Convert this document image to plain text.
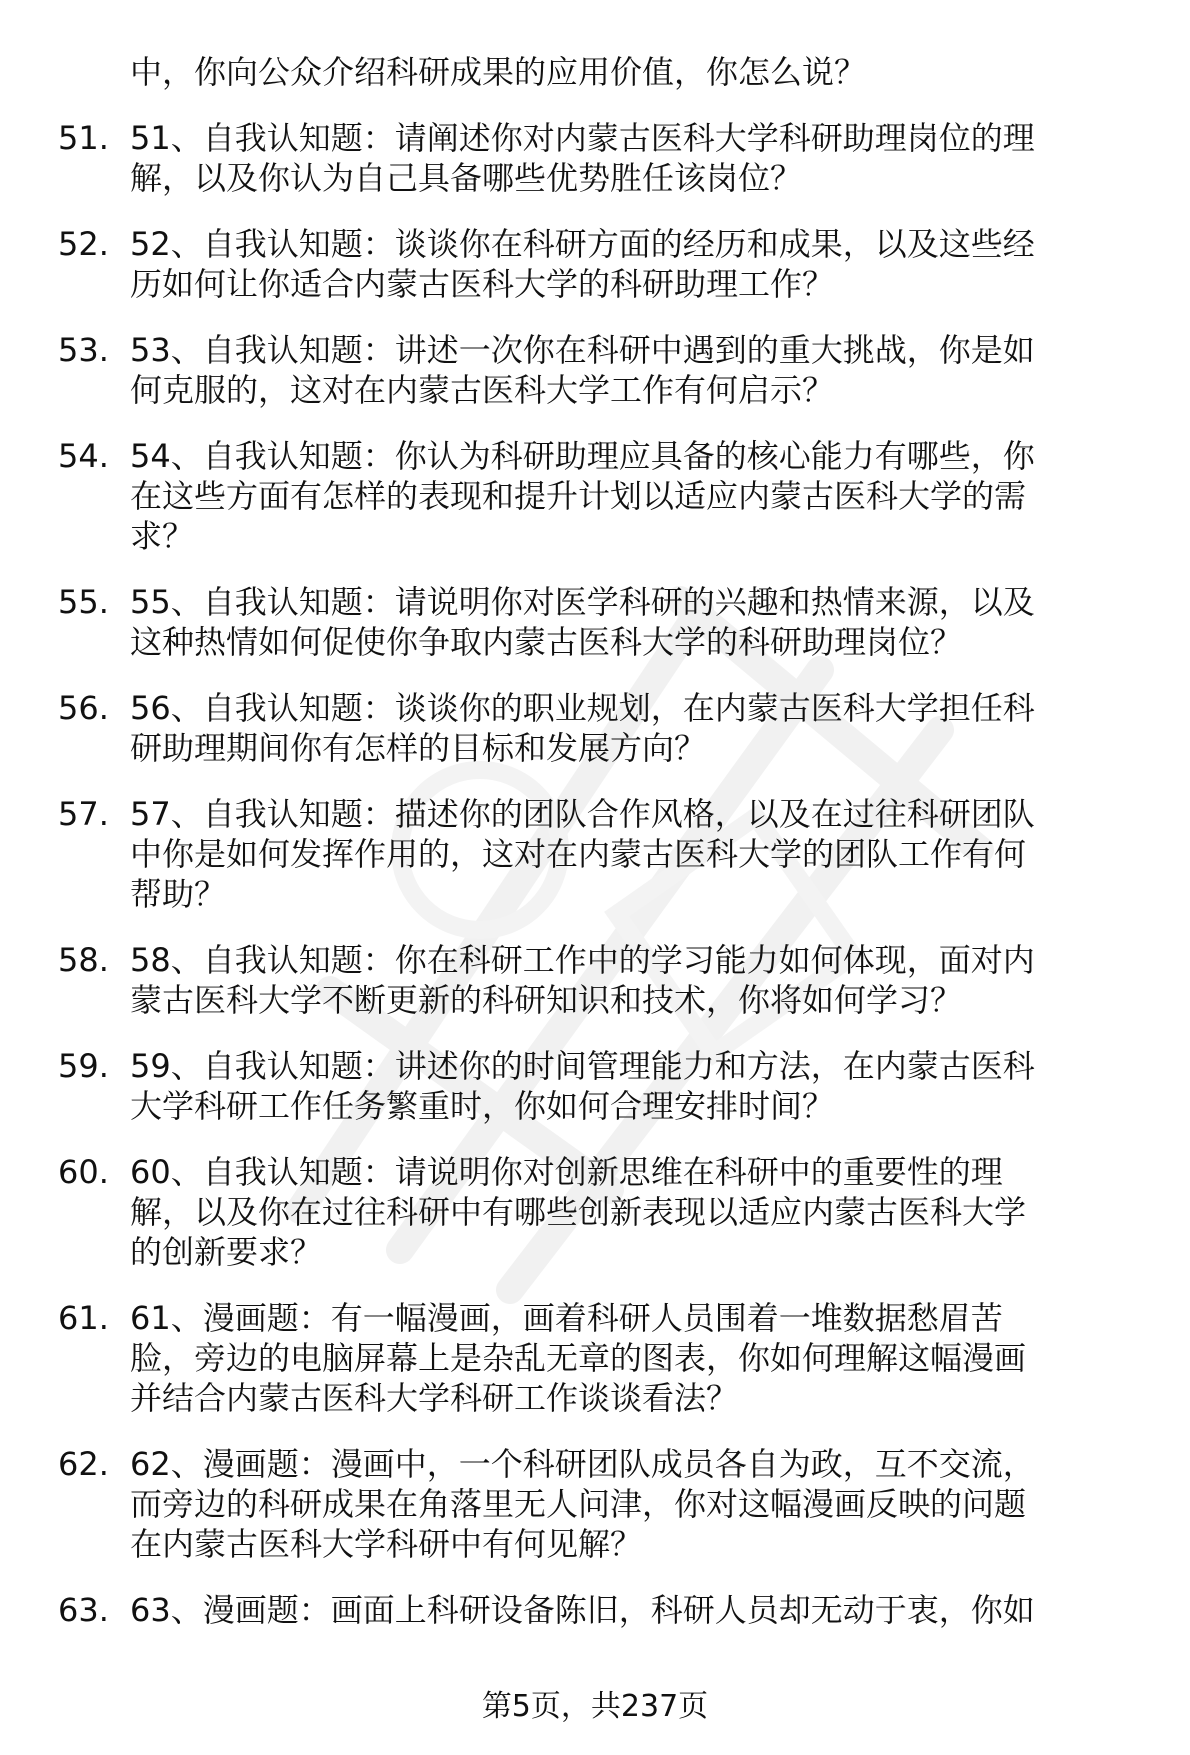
中，你向公众介绍科研成果的应用价值，你怎么说？
51. 51、自我认知题：请阐述你对内蒙古医科大学科研助理岗位的理
解，以及你认为自己具备哪些优势胜任该岗位？
52. 52、自我认知题：谈谈你在科研方面的经历和成果，以及这些经
历如何让你适合内蒙古医科大学的科研助理工作？
53. 53、自我认知题：讲述一次你在科研中遇到的重大挑战，你是如
何克服的，这对在内蒙古医科大学工作有何启示？
54. 54、自我认知题：你认为科研助理应具备的核心能力有哪些，你
在这些方面有怎样的表现和提升计划以适应内蒙古医科大学的需
求？
55. 55、自我认知题：请说明你对医学科研的兴趣和热情来源，以及
这种热情如何促使你争取内蒙古医科大学的科研助理岗位？
56. 56、自我认知题：谈谈你的职业规划，在内蒙古医科大学担任科
研助理期间你有怎样的目标和发展方向？
57. 57、自我认知题：描述你的团队合作风格，以及在过往科研团队
中你是如何发挥作用的，这对在内蒙古医科大学的团队工作有何
帮助？
58. 58、自我认知题：你在科研工作中的学习能力如何体现，面对内
蒙古医科大学不断更新的科研知识和技术，你将如何学习？
59. 59、自我认知题：讲述你的时间管理能力和方法，在内蒙古医科
大学科研工作任务繁重时，你如何合理安排时间？
60. 60、自我认知题：请说明你对创新思维在科研中的重要性的理
解，以及你在过往科研中有哪些创新表现以适应内蒙古医科大学
的创新要求？
61. 61、漫画题：有一幅漫画，画着科研人员围着一堆数据愁眉苦
脸，旁边的电脑屏幕上是杂乱无章的图表，你如何理解这幅漫画
并结合内蒙古医科大学科研工作谈谈看法？
62. 62、漫画题：漫画中，一个科研团队成员各自为政，互不交流，
而旁边的科研成果在角落里无人问津，你对这幅漫画反映的问题
在内蒙古医科大学科研中有何见解？
63. 63、漫画题：画面上科研设备陈旧，科研人员却无动于衷，你如
第5页，共237页
